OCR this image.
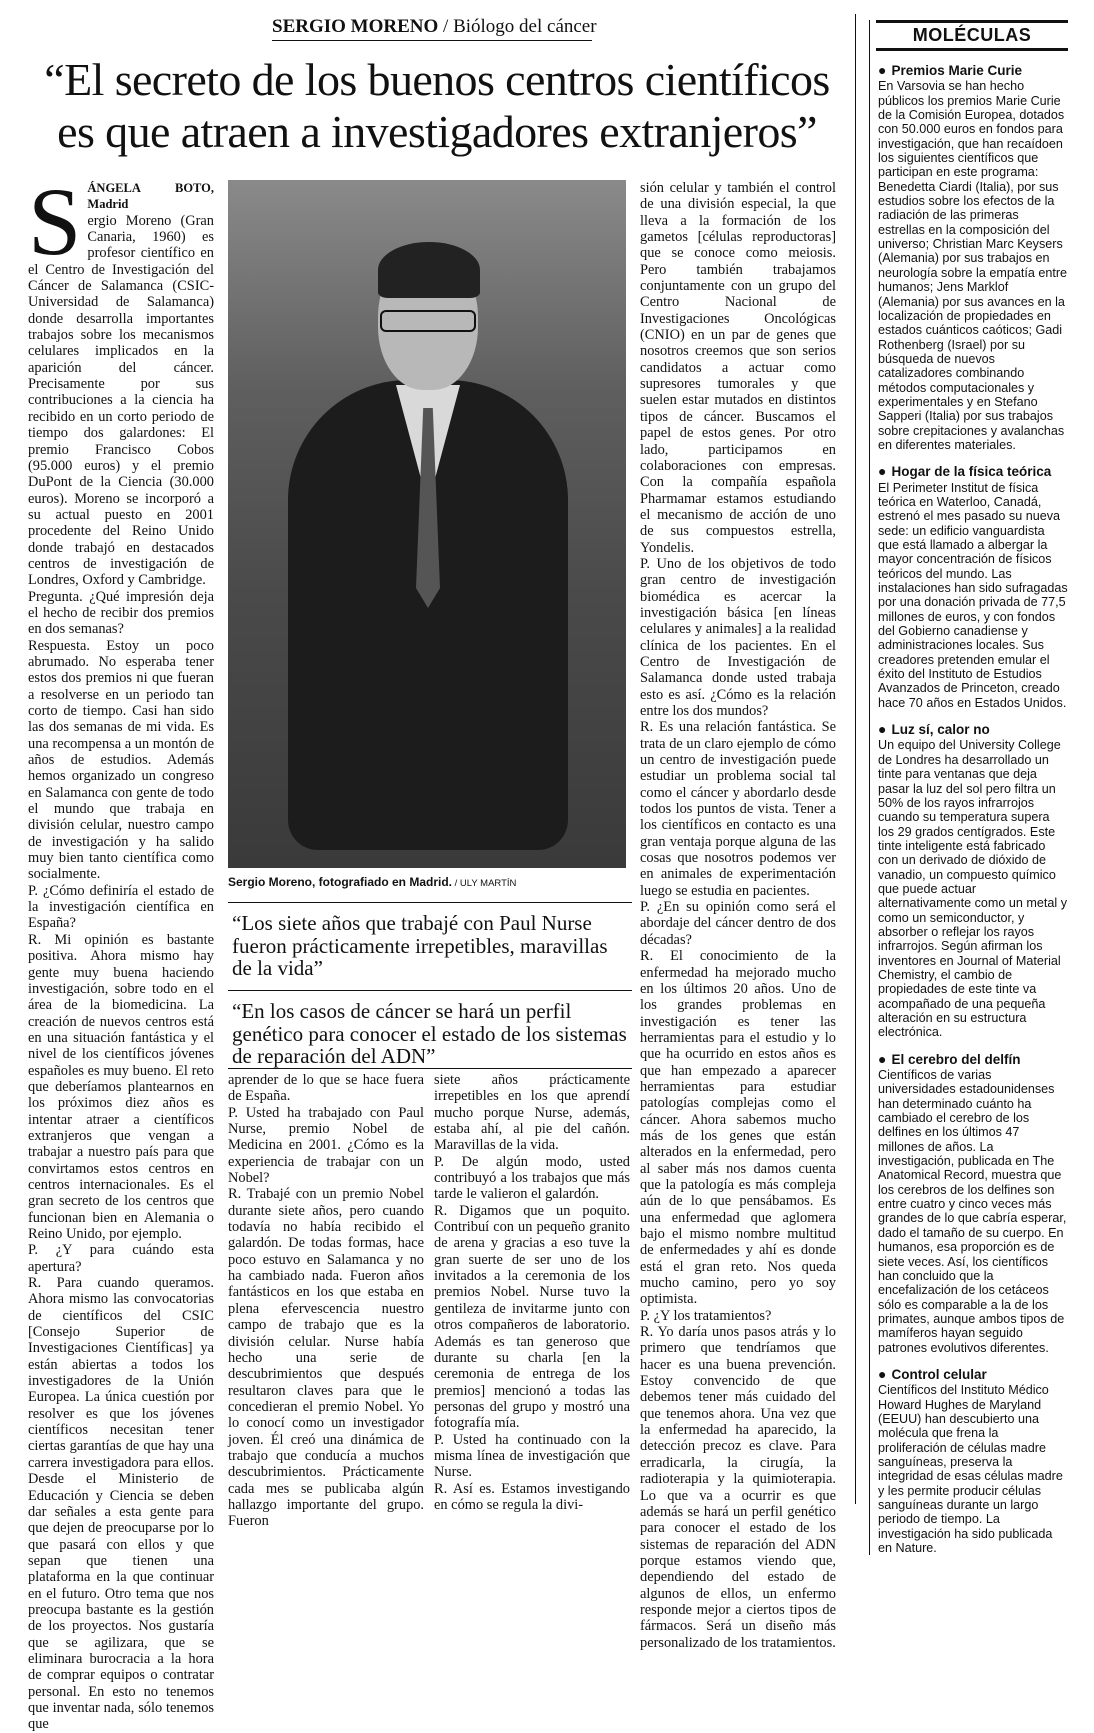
SERGIO MORENO / Biólogo del cáncer
“El secreto de los buenos centros científicos
es que atraen a investigadores extranjeros”
S ÁNGELA BOTO, Madrid

ergio Moreno (Gran Canaria, 1960) es profesor científico en el Centro de Investigación del Cáncer de Salamanca (CSIC-Universidad de Salamanca) donde desarrolla importantes trabajos sobre los mecanismos celulares implicados en la aparición del cáncer. Precisamente por sus contribuciones a la ciencia ha recibido en un corto periodo de tiempo dos galardones: El premio Francisco Cobos (95.000 euros) y el premio DuPont de la Ciencia (30.000 euros). Moreno se incorporó a su actual puesto en 2001 procedente del Reino Unido donde trabajó en destacados centros de investigación de Londres, Oxford y Cambridge.

Pregunta. ¿Qué impresión deja el hecho de recibir dos premios en dos semanas?

Respuesta. Estoy un poco abrumado. No esperaba tener estos dos premios ni que fueran a resolverse en un periodo tan corto de tiempo. Casi han sido las dos semanas de mi vida. Es una recompensa a un montón de años de estudios. Además hemos organizado un congreso en Salamanca con gente de todo el mundo que trabaja en división celular, nuestro campo de investigación y ha salido muy bien tanto científica como socialmente.

P. ¿Cómo definiría el estado de la investigación científica en España?

R. Mi opinión es bastante positiva. Ahora mismo hay gente muy buena haciendo investigación, sobre todo en el área de la biomedicina. La creación de nuevos centros está en una situación fantástica y el nivel de los científicos jóvenes españoles es muy bueno. El reto que deberíamos plantearnos en los próximos diez años es intentar atraer a científicos extranjeros que vengan a trabajar a nuestro país para que convirtamos estos centros en centros internacionales. Es el gran secreto de los centros que funcionan bien en Alemania o Reino Unido, por ejemplo.

P. ¿Y para cuándo esta apertura?

R. Para cuando queramos. Ahora mismo las convocatorias de científicos del CSIC [Consejo Superior de Investigaciones Científicas] ya están abiertas a todos los investigadores de la Unión Europea. La única cuestión por resolver es que los jóvenes científicos necesitan tener ciertas garantías de que hay una carrera investigadora para ellos. Desde el Ministerio de Educación y Ciencia se deben dar señales a esta gente para que dejen de preocuparse por lo que pasará con ellos y que sepan que tienen una plataforma en la que continuar en el futuro. Otro tema que nos preocupa bastante es la gestión de los proyectos. Nos gustaría que se agilizara, que se eliminara burocracia a la hora de comprar equipos o contratar personal. En esto no tenemos que inventar nada, sólo tenemos que

Sergio Moreno, fotografiado en Madrid. / ULY MARTÍN
“Los siete años que trabajé con Paul Nurse fueron prácticamente irrepetibles, maravillas de la vida”
“En los casos de cáncer se hará un perfil genético para conocer el estado de los sistemas de reparación del ADN”

aprender de lo que se hace fuera de España.

P. Usted ha trabajado con Paul Nurse, premio Nobel de Medicina en 2001. ¿Cómo es la experiencia de trabajar con un Nobel?

R. Trabajé con un premio Nobel durante siete años, pero cuando todavía no había recibido el galardón. De todas formas, hace poco estuvo en Salamanca y no ha cambiado nada. Fueron años fantásticos en los que estaba en plena efervescencia nuestro campo de trabajo que es la división celular. Nurse había hecho una serie de descubrimientos que después resultaron claves para que le concedieran el premio Nobel. Yo lo conocí como un investigador joven. Él creó una dinámica de trabajo que conducía a muchos descubrimientos. Prácticamente cada mes se publicaba algún hallazgo importante del grupo. Fueron

siete años prácticamente irrepetibles en los que aprendí mucho porque Nurse, además, estaba ahí, al pie del cañón. Maravillas de la vida.

P. De algún modo, usted contribuyó a los trabajos que más tarde le valieron el galardón.

R. Digamos que un poquito. Contribuí con un pequeño granito de arena y gracias a eso tuve la gran suerte de ser uno de los invitados a la ceremonia de los premios Nobel. Nurse tuvo la gentileza de invitarme junto con otros compañeros de laboratorio. Además es tan generoso que durante su charla [en la ceremonia de entrega de los premios] mencionó a todas las personas del grupo y mostró una fotografía mía.

P. Usted ha continuado con la misma línea de investigación que Nurse.

R. Así es. Estamos investigando en cómo se regula la divi-

sión celular y también el control de una división especial, la que lleva a la formación de los gametos [células reproductoras] que se conoce como meiosis. Pero también trabajamos conjuntamente con un grupo del Centro Nacional de Investigaciones Oncológicas (CNIO) en un par de genes que nosotros creemos que son serios candidatos a actuar como supresores tumorales y que suelen estar mutados en distintos tipos de cáncer. Buscamos el papel de estos genes. Por otro lado, participamos en colaboraciones con empresas. Con la compañía española Pharmamar estamos estudiando el mecanismo de acción de uno de sus compuestos estrella, Yondelis.

P. Uno de los objetivos de todo gran centro de investigación biomédica es acercar la investigación básica [en líneas celulares y animales] a la realidad clínica de los pacientes. En el Centro de Investigación de Salamanca donde usted trabaja esto es así. ¿Cómo es la relación entre los dos mundos?

R. Es una relación fantástica. Se trata de un claro ejemplo de cómo un centro de investigación puede estudiar un problema social tal como el cáncer y abordarlo desde todos los puntos de vista. Tener a los científicos en contacto es una gran ventaja porque alguna de las cosas que nosotros podemos ver en animales de experimentación luego se estudia en pacientes.

P. ¿En su opinión como será el abordaje del cáncer dentro de dos décadas?

R. El conocimiento de la enfermedad ha mejorado mucho en los últimos 20 años. Uno de los grandes problemas en investigación es tener las herramientas para el estudio y lo que ha ocurrido en estos años es que han empezado a aparecer herramientas para estudiar patologías complejas como el cáncer. Ahora sabemos mucho más de los genes que están alterados en la enfermedad, pero al saber más nos damos cuenta que la patología es más compleja aún de lo que pensábamos. Es una enfermedad que aglomera bajo el mismo nombre multitud de enfermedades y ahí es donde está el gran reto. Nos queda mucho camino, pero yo soy optimista.

P. ¿Y los tratamientos?

R. Yo daría unos pasos atrás y lo primero que tendríamos que hacer es una buena prevención. Estoy convencido de que debemos tener más cuidado del que tenemos ahora. Una vez que la enfermedad ha aparecido, la detección precoz es clave. Para erradicarla, la cirugía, la radioterapia y la quimioterapia. Lo que va a ocurrir es que además se hará un perfil genético para conocer el estado de los sistemas de reparación del ADN porque estamos viendo que, dependiendo del estado de algunos de ellos, un enfermo responde mejor a ciertos tipos de fármacos. Será un diseño más personalizado de los tratamientos.

MOLÉCULAS
● Premios Marie Curie

En Varsovia se han hecho públicos los premios Marie Curie de la Comisión Europea, dotados con 50.000 euros en fondos para investigación, que han recaídoen los siguientes científicos que participan en este programa: Benedetta Ciardi (Italia), por sus estudios sobre los efectos de la radiación de las primeras estrellas en la composición del universo; Christian Marc Keysers (Alemania) por sus trabajos en neurología sobre la empatía entre humanos; Jens Marklof (Alemania) por sus avances en la localización de propiedades en estados cuánticos caóticos; Gadi Rothenberg (Israel) por su búsqueda de nuevos catalizadores combinando métodos computacionales y experimentales y en Stefano Sapperi (Italia) por sus trabajos sobre crepitaciones y avalanchas en diferentes materiales.

● Hogar de la física teórica

El Perimeter Institut de física teórica en Waterloo, Canadá, estrenó el mes pasado su nueva sede: un edificio vanguardista que está llamado a albergar la mayor concentración de físicos teóricos del mundo. Las instalaciones han sido sufragadas por una donación privada de 77,5 millones de euros, y con fondos del Gobierno canadiense y administraciones locales. Sus creadores pretenden emular el éxito del Instituto de Estudios Avanzados de Princeton, creado hace 70 años en Estados Unidos.

● Luz sí, calor no

Un equipo del University College de Londres ha desarrollado un tinte para ventanas que deja pasar la luz del sol pero filtra un 50% de los rayos infrarrojos cuando su temperatura supera los 29 grados centígrados. Este tinte inteligente está fabricado con un derivado de dióxido de vanadio, un compuesto químico que puede actuar alternativamente como un metal y como un semiconductor, y absorber o reflejar los rayos infrarrojos. Según afirman los inventores en Journal of Material Chemistry, el cambio de propiedades de este tinte va acompañado de una pequeña alteración en su estructura electrónica.

● El cerebro del delfín

Científicos de varias universidades estadounidenses han determinado cuánto ha cambiado el cerebro de los delfines en los últimos 47 millones de años. La investigación, publicada en The Anatomical Record, muestra que los cerebros de los delfines son entre cuatro y cinco veces más grandes de lo que cabría esperar, dado el tamaño de su cuerpo. En humanos, esa proporción es de siete veces. Así, los científicos han concluido que la encefalización de los cetáceos sólo es comparable a la de los primates, aunque ambos tipos de mamíferos hayan seguido patrones evolutivos diferentes.

● Control celular

Científicos del Instituto Médico Howard Hughes de Maryland (EEUU) han descubierto una molécula que frena la proliferación de células madre sanguíneas, preserva la integridad de esas células madre y les permite producir células sanguíneas durante un largo periodo de tiempo. La investigación ha sido publicada en Nature.
